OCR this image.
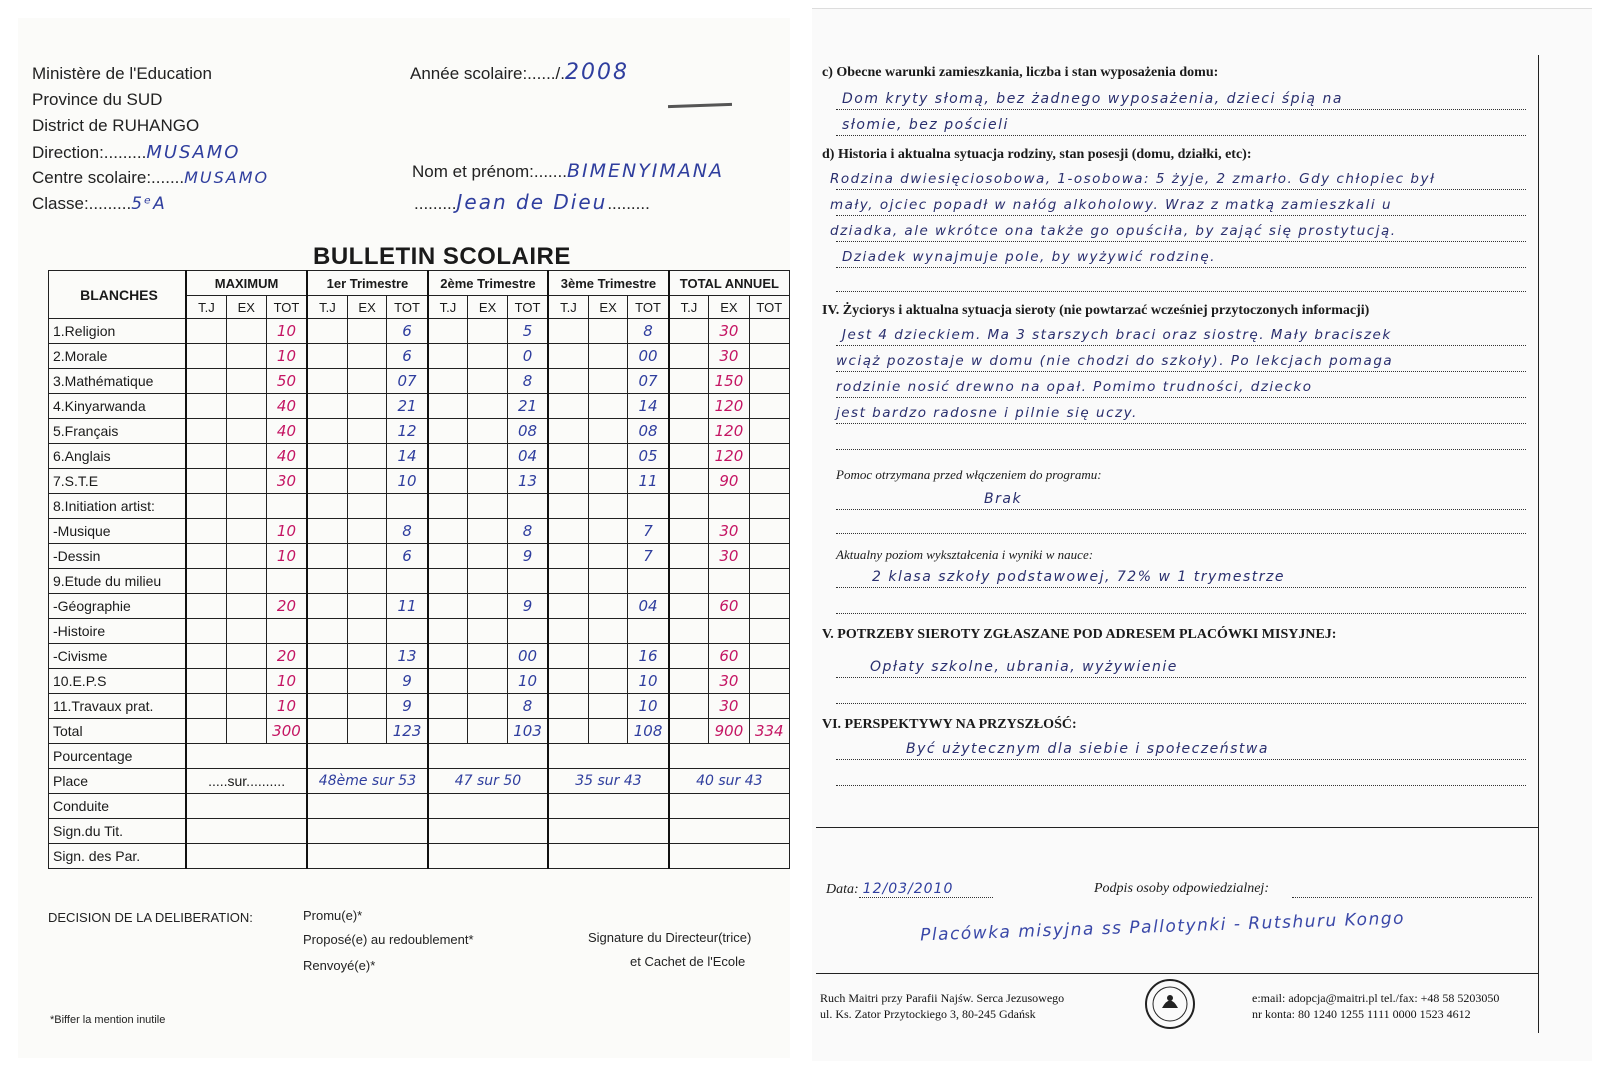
Ministère de l'Education
Province du SUD
District de RUHANGO
Direction:.........MUSAMO
Centre scolaire:.......MUSAMO
Classe:.........5ᵉA
Année scolaire:....../.2008
Nom et prénom:.......BIMENYIMANA
.........Jean de Dieu.........
BULLETIN SCOLAIRE
BLANCHES	MAXIMUM			1er Trimestre			2ème Trimestre			3ème Trimestre			TOTAL ANNUEL		
	T.J	EX	TOT	T.J	EX	TOT	T.J	EX	TOT	T.J	EX	TOT	T.J	EX	TOT
1.Religion			10			6			5			8		30	
2.Morale			10			6			0			00		30	
3.Mathématique			50			07			8			07		150	
4.Kinyarwanda			40			21			21			14		120	
5.Français			40			12			08			08		120	
6.Anglais			40			14			04			05		120	
7.S.T.E			30			10			13			11		90	
8.Initiation artist:															
-Musique			10			8			8			7		30	
-Dessin			10			6			9			7		30	
9.Etude du milieu															
-Géographie			20			11			9			04		60	
-Histoire															
-Civisme			20			13			00			16		60	
10.E.P.S			10			9			10			10		30	
11.Travaux prat.			10			9			8			10		30	
Total			300			123			103			108		900	334
Pourcentage															
Place	.....sur..........			48ème sur 53			47 sur 50			35 sur 43			40 sur 43		
Conduite															
Sign.du Tit.															
Sign. des Par.															
DECISION DE LA DELIBERATION:	Promu(e)*
Proposé(e) au redoublement*
Renvoyé(e)*
Signature du Directeur(trice)
et Cachet de l'Ecole
*Biffer la mention inutile
c) Obecne warunki zamieszkania, liczba i stan wyposażenia domu:
Dom kryty słomą, bez żadnego wyposażenia, dzieci śpią na
słomie, bez pościeli
d) Historia i aktualna sytuacja rodziny, stan posesji (domu, działki, etc):
Rodzina dwiesięciosobowa, 1-osobowa: 5 żyje, 2 zmarło. Gdy chłopiec był
mały, ojciec popadł w nałóg alkoholowy. Wraz z matką zamieszkali u
dziadka, ale wkrótce ona także go opuściła, by zająć się prostytucją.
Dziadek wynajmuje pole, by wyżywić rodzinę.
IV. Życiorys i aktualna sytuacja sieroty (nie powtarzać wcześniej przytoczonych informacji)
Jest 4 dzieckiem. Ma 3 starszych braci oraz siostrę. Mały braciszek
wciąż pozostaje w domu (nie chodzi do szkoły). Po lekcjach pomaga
rodzinie nosić drewno na opał. Pomimo trudności, dziecko
jest bardzo radosne i pilnie się uczy.
Pomoc otrzymana przed włączeniem do programu:
Brak
Aktualny poziom wykształcenia i wyniki w nauce:
2 klasa szkoły podstawowej, 72% w 1 trymestrze
V. POTRZEBY SIEROTY ZGŁASZANE POD ADRESEM PLACÓWKI MISYJNEJ:
Opłaty szkolne, ubrania, wyżywienie
VI. PERSPEKTYWY NA PRZYSZŁOŚĆ:
Być użytecznym dla siebie i społeczeństwa
Data: 12/03/2010	Podpis osoby odpowiedzialnej:
Placówka misyjna ss Pallotynki - Rutshuru Kongo
Ruch Maitri przy Parafii Najśw. Serca Jezusowego
ul. Ks. Zator Przytockiego 3, 80-245 Gdańsk
e:mail: adopcja@maitri.pl tel./fax: +48 58 5203050
nr konta: 80 1240 1255 1111 0000 1523 4612
